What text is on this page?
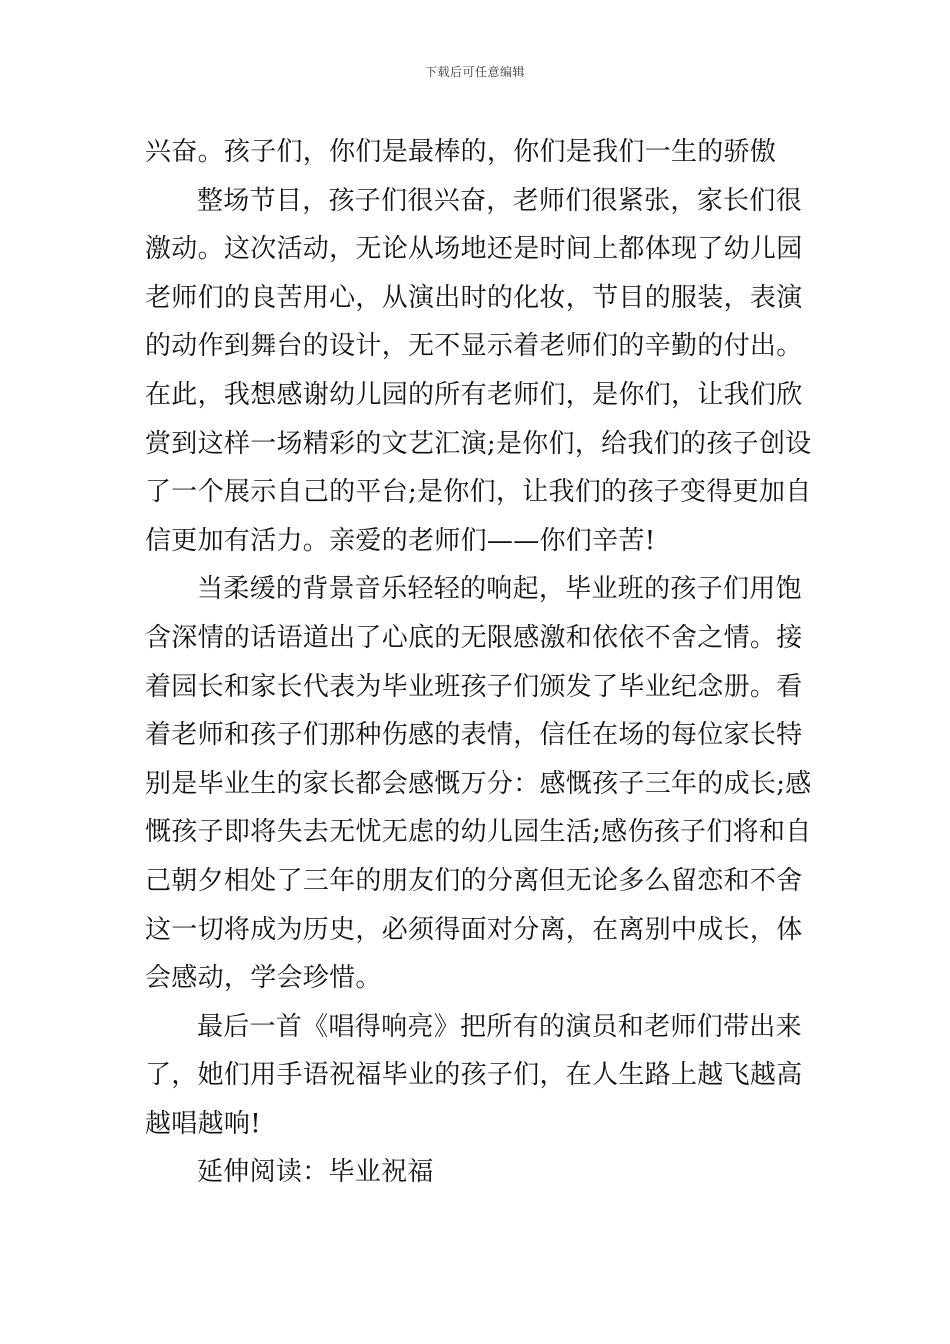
下载后可任意编辑

兴奋。孩子们，你们是最棒的，你们是我们一生的骄傲

整场节目，孩子们很兴奋，老师们很紧张，家长们很
激动。这次活动，无论从场地还是时间上都体现了幼儿园
老师们的良苦用心，从演出时的化妆，节目的服装，表演
的动作到舞台的设计，无不显示着老师们的辛勤的付出。
在此，我想感谢幼儿园的所有老师们，是你们，让我们欣
赏到这样一场精彩的文艺汇演;是你们，给我们的孩子创设
了一个展示自己的平台;是你们，让我们的孩子变得更加自
信更加有活力。亲爱的老师们——你们辛苦!

当柔缓的背景音乐轻轻的响起，毕业班的孩子们用饱
含深情的话语道出了心底的无限感激和依依不舍之情。接
着园长和家长代表为毕业班孩子们颁发了毕业纪念册。看
着老师和孩子们那种伤感的表情，信任在场的每位家长特
别是毕业生的家长都会感慨万分：感慨孩子三年的成长;感
慨孩子即将失去无忧无虑的幼儿园生活;感伤孩子们将和自
己朝夕相处了三年的朋友们的分离但无论多么留恋和不舍
这一切将成为历史，必须得面对分离，在离别中成长，体
会感动，学会珍惜。

最后一首《唱得响亮》把所有的演员和老师们带出来
了，她们用手语祝福毕业的孩子们，在人生路上越飞越高
越唱越响!

延伸阅读：毕业祝福
